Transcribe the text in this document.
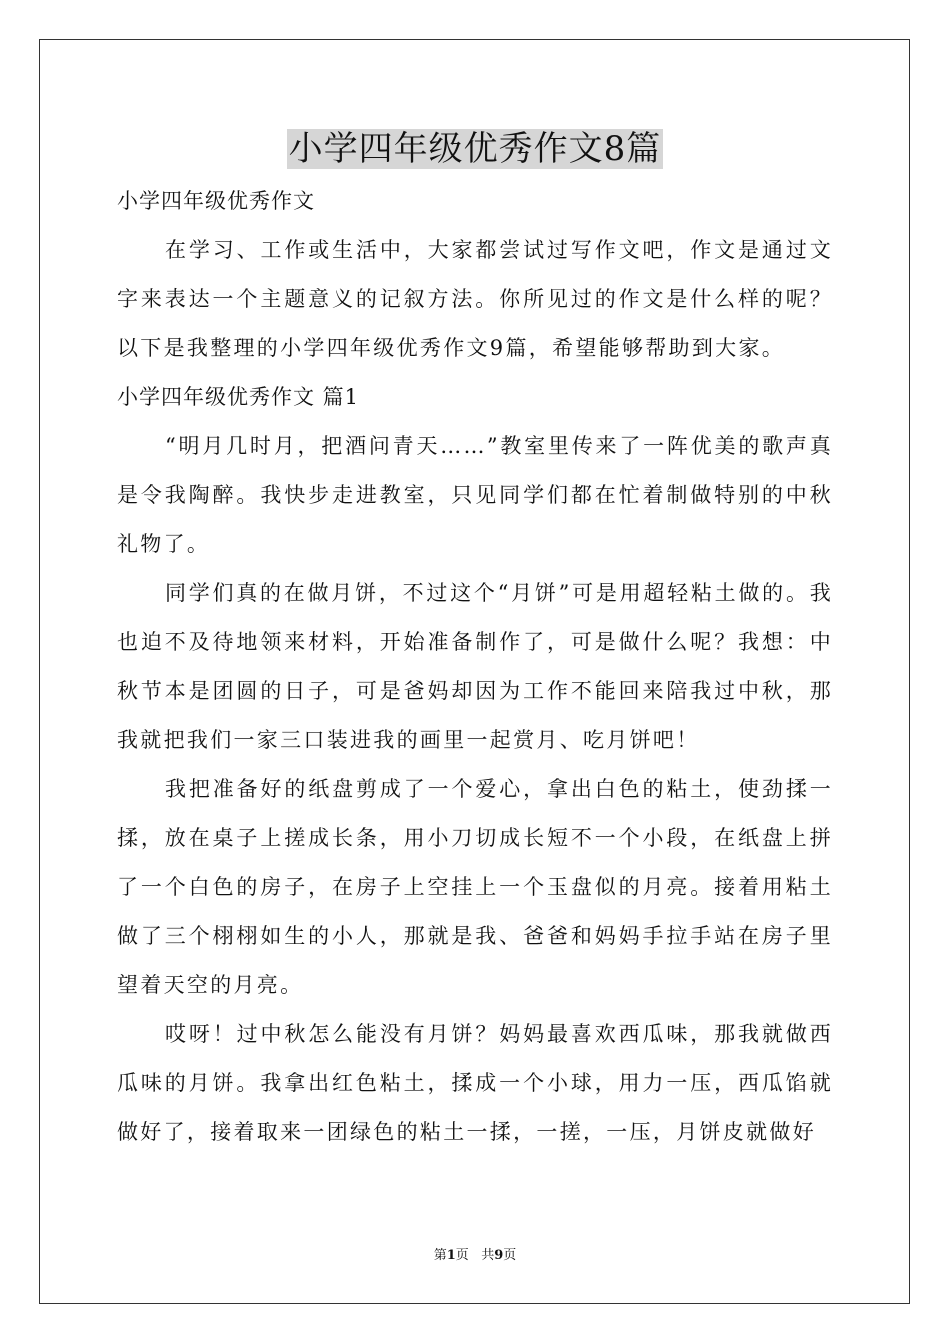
小学四年级优秀作文8篇

小学四年级优秀作文

在学习、工作或生活中，大家都尝试过写作文吧，作文是通过文字来表达一个主题意义的记叙方法。你所见过的作文是什么样的呢？以下是我整理的小学四年级优秀作文9篇，希望能够帮助到大家。

小学四年级优秀作文 篇1

“明月几时月，把酒问青天……”教室里传来了一阵优美的歌声真是令我陶醉。我快步走进教室，只见同学们都在忙着制做特别的中秋礼物了。

同学们真的在做月饼，不过这个“月饼”可是用超轻粘土做的。我也迫不及待地领来材料，开始准备制作了，可是做什么呢？我想：中秋节本是团圆的日子，可是爸妈却因为工作不能回来陪我过中秋，那我就把我们一家三口装进我的画里一起赏月、吃月饼吧！

我把准备好的纸盘剪成了一个爱心，拿出白色的粘土，使劲揉一揉，放在桌子上搓成长条，用小刀切成长短不一个小段，在纸盘上拼了一个白色的房子，在房子上空挂上一个玉盘似的月亮。接着用粘土做了三个栩栩如生的小人，那就是我、爸爸和妈妈手拉手站在房子里望着天空的月亮。

哎呀！过中秋怎么能没有月饼？妈妈最喜欢西瓜味，那我就做西瓜味的月饼。我拿出红色粘土，揉成一个小球，用力一压，西瓜馅就做好了，接着取来一团绿色的粘土一揉，一搓，一压，月饼皮就做好

第1页 共9页
